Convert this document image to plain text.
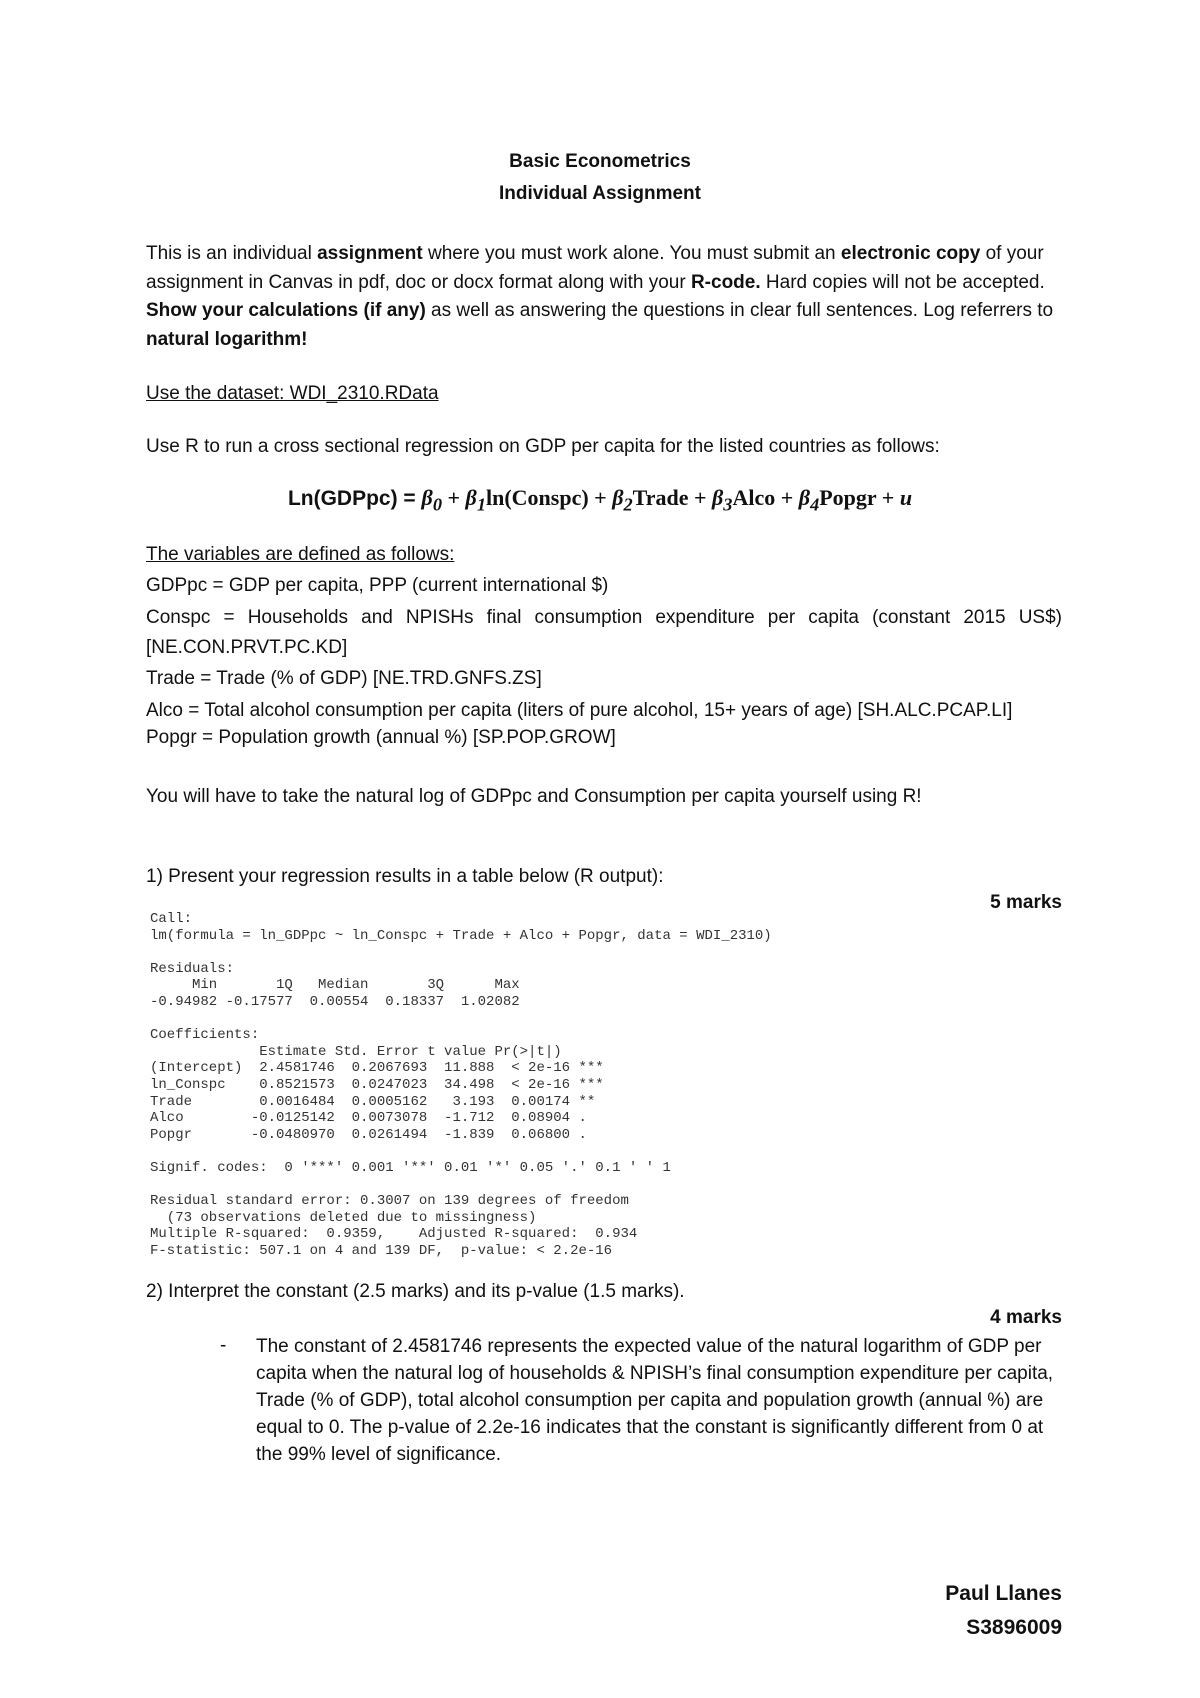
Basic Econometrics
Individual Assignment
This is an individual assignment where you must work alone. You must submit an electronic copy of your assignment in Canvas in pdf, doc or docx format along with your R-code. Hard copies will not be accepted. Show your calculations (if any) as well as answering the questions in clear full sentences. Log referrers to natural logarithm!
Use the dataset: WDI_2310.RData
Use R to run a cross sectional regression on GDP per capita for the listed countries as follows:
Ln(GDPpc) = $\beta_0$ + $\beta_1\ln(Conspc)$ + $\beta_2Trade$ + $\beta_3Alco$ + $\beta_4Popgr + u$
The variables are defined as follows:
GDPpc = GDP per capita, PPP (current international $)
Conspc = Households and NPISHs final consumption expenditure per capita (constant 2015 US$)
[NE.CON.PRVT.PC.KD]
Trade = Trade (% of GDP) [NE.TRD.GNFS.ZS]
Alco = Total alcohol consumption per capita (liters of pure alcohol, 15+ years of age) [SH.ALC.PCAP.LI]
Popgr = Population growth (annual %) [SP.POP.GROW]
You will have to take the natural log of GDPpc and Consumption per capita yourself using R!
1) Present your regression results in a table below (R output):
5 marks
Call:
lm(formula = ln_GDPpc ~ ln_Conspc + Trade + Alco + Popgr, data = WDI_2310)

Residuals:
Min       1Q   Median       3Q      Max
-0.94982 -0.17577  0.00554  0.18337  1.02082

Coefficients:
Estimate Std. Error t value Pr(>|t|)
(Intercept)  2.4581746  0.2067693  11.888  < 2e-16 ***
ln_Conspc    0.8521573  0.0247023  34.498  < 2e-16 ***
Trade        0.0016484  0.0005162   3.193  0.00174 **
Alco        -0.0125142  0.0073078  -1.712  0.08904 .
Popgr       -0.0480970  0.0261494  -1.839  0.06800 .

Signif. codes:  0 '***' 0.001 '**' 0.01 '*' 0.05 '.' 0.1 ' ' 1

Residual standard error: 0.3007 on 139 degrees of freedom
(73 observations deleted due to missingness)
Multiple R-squared:  0.9359,	Adjusted R-squared:  0.934
F-statistic: 507.1 on 4 and 139 DF,  p-value: < 2.2e-16
2) Interpret the constant (2.5 marks) and its p-value (1.5 marks).
4 marks
- The constant of 2.4581746 represents the expected value of the natural logarithm of GDP per capita when the natural log of households & NPISH’s final consumption expenditure per capita, Trade (% of GDP), total alcohol consumption per capita and population growth (annual %) are equal to 0. The p-value of 2.2e-16 indicates that the constant is significantly different from 0 at the 99% level of significance.
Paul Llanes
S3896009
